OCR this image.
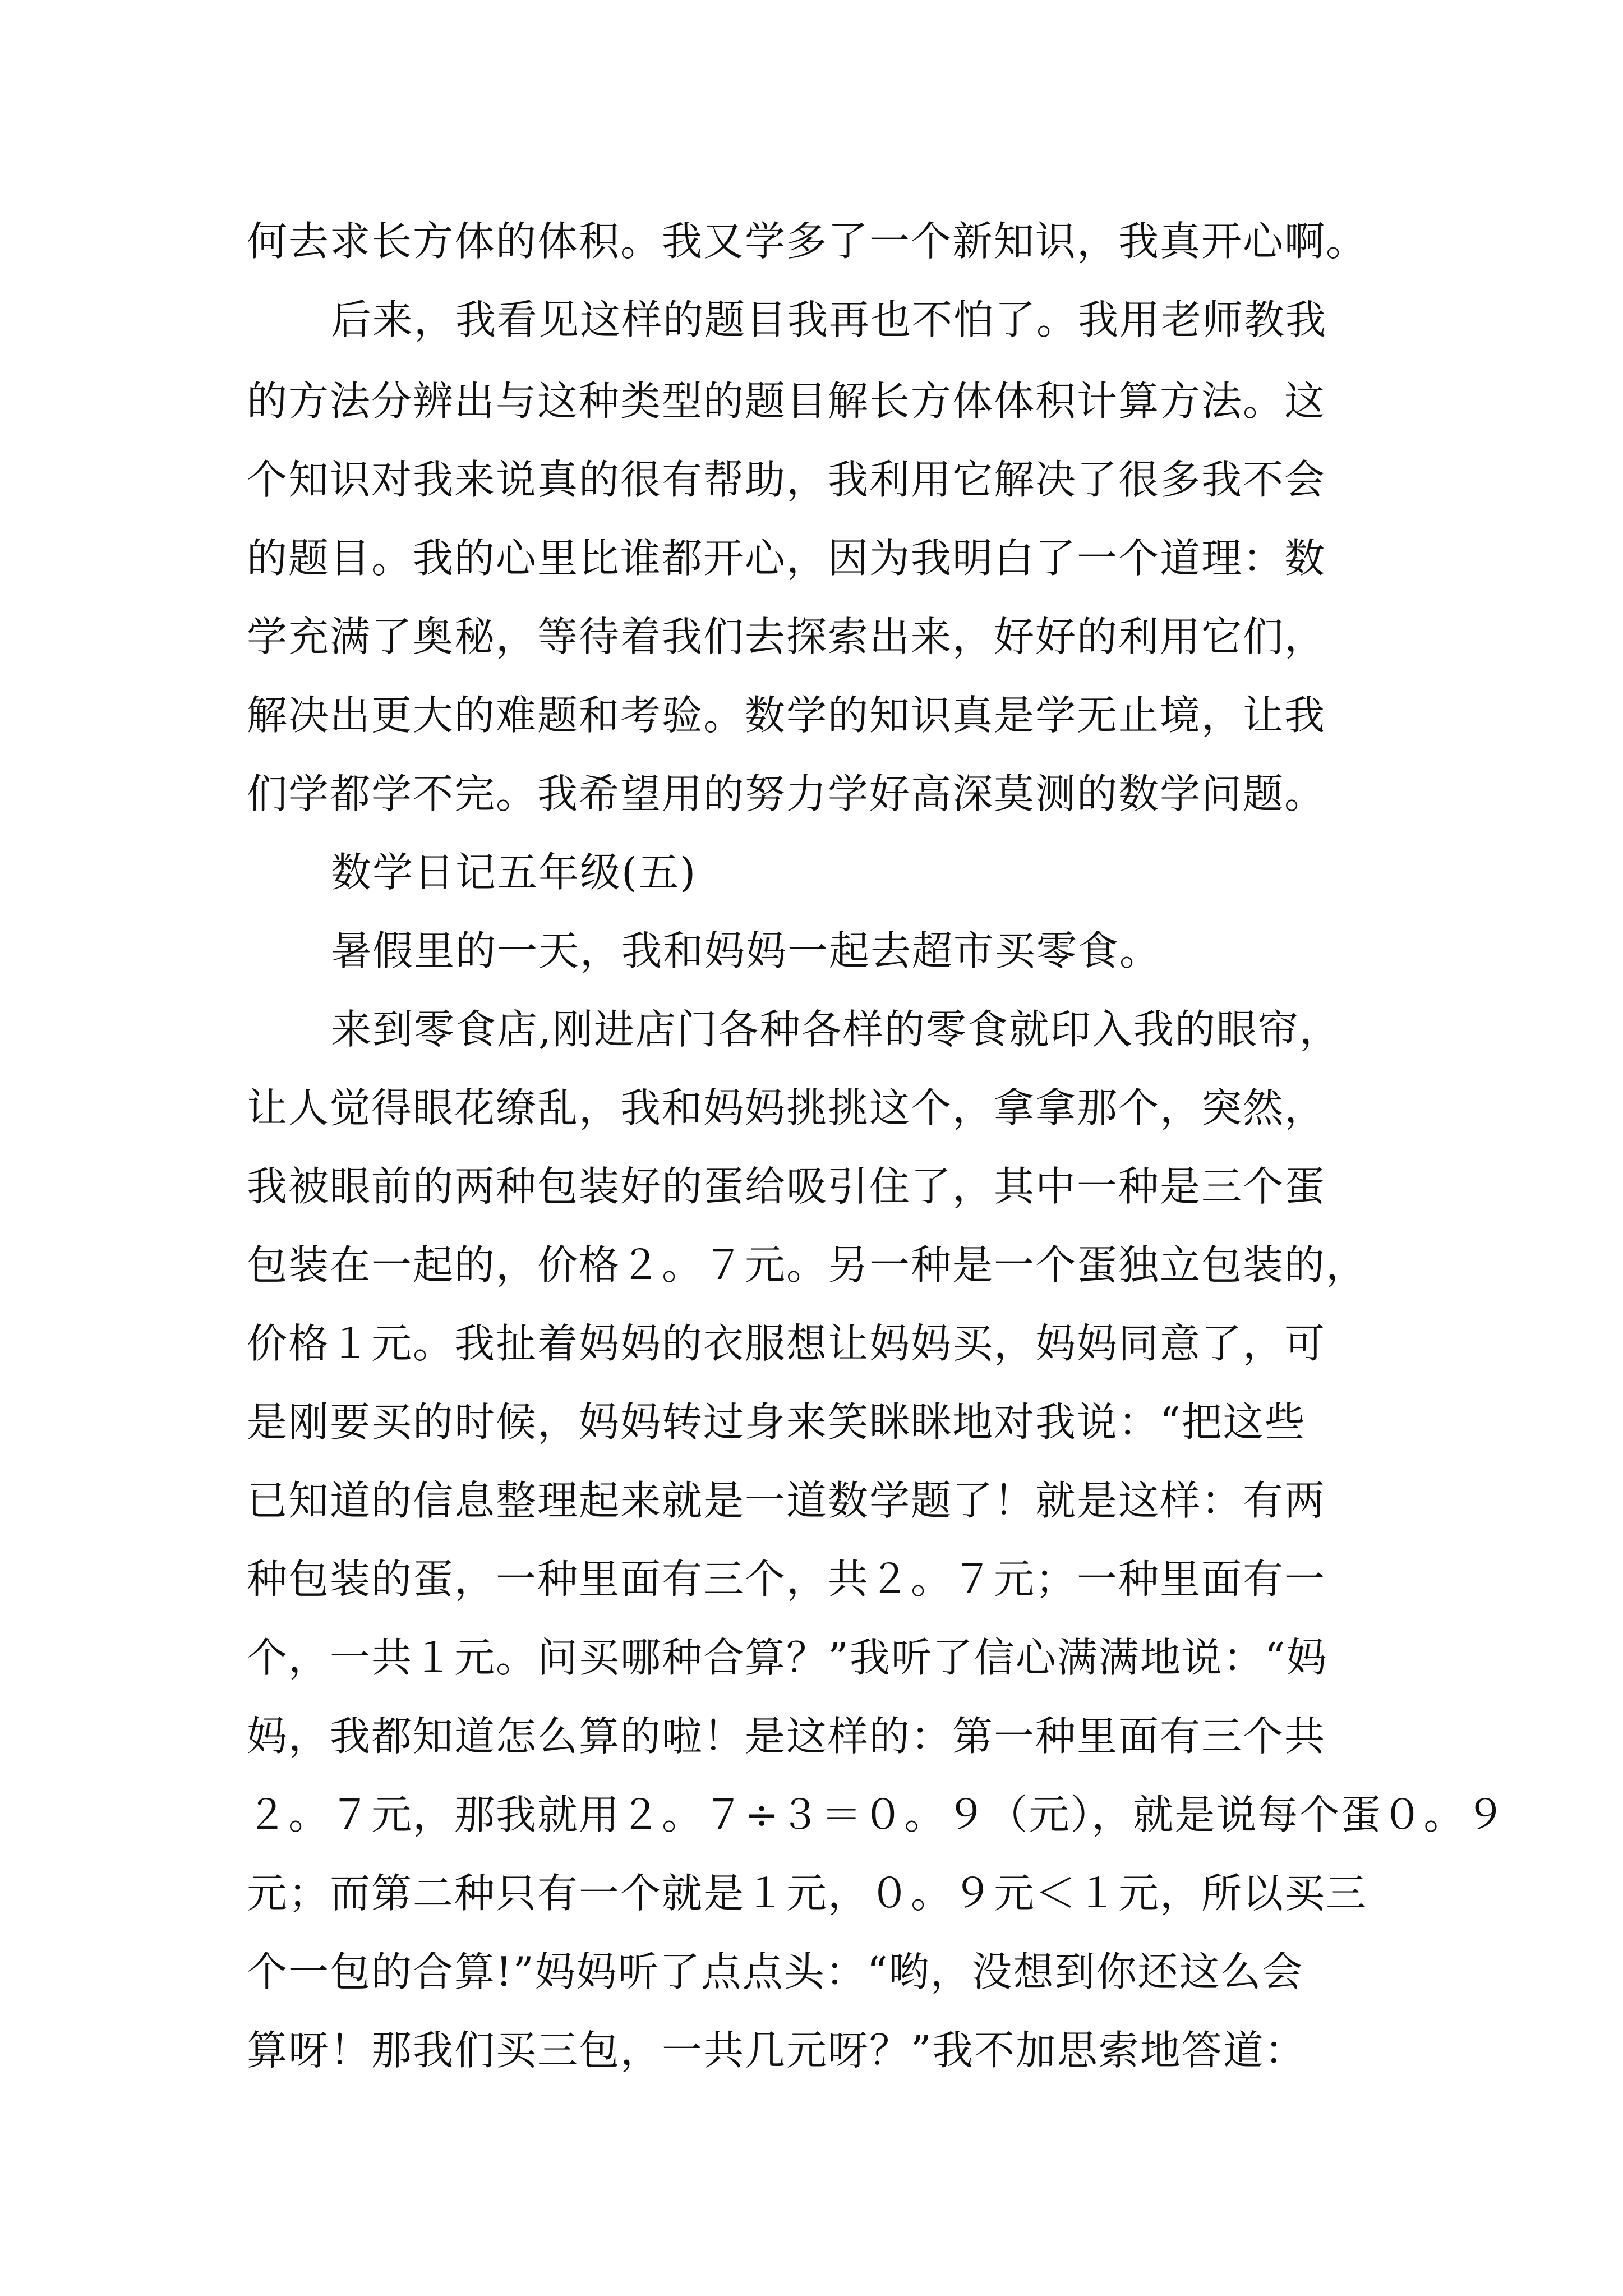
何去求长方体的体积。我又学多了一个新知识，我真开心啊。
后来，我看见这样的题目我再也不怕了。我用老师教我
的方法分辨出与这种类型的题目解长方体体积计算方法。这
个知识对我来说真的很有帮助，我利用它解决了很多我不会
的题目。我的心里比谁都开心，因为我明白了一个道理：数
学充满了奥秘，等待着我们去探索出来，好好的利用它们，
解决出更大的难题和考验。数学的知识真是学无止境，让我
们学都学不完。我希望用的努力学好高深莫测的数学问题。
数学日记五年级(五)
暑假里的一天，我和妈妈一起去超市买零食。
来到零食店,刚进店门各种各样的零食就印入我的眼帘，
让人觉得眼花缭乱，我和妈妈挑挑这个，拿拿那个，突然，
我被眼前的两种包装好的蛋给吸引住了，其中一种是三个蛋
包装在一起的，价格２。７元。另一种是一个蛋独立包装的，
价格１元。我扯着妈妈的衣服想让妈妈买，妈妈同意了，可
是刚要买的时候，妈妈转过身来笑眯眯地对我说：“把这些
已知道的信息整理起来就是一道数学题了！就是这样：有两
种包装的蛋，一种里面有三个，共２。７元；一种里面有一
个，一共１元。问买哪种合算？”我听了信心满满地说：“妈
妈，我都知道怎么算的啦！是这样的：第一种里面有三个共
２。７元，那我就用２。７÷３＝０。９（元），就是说每个蛋０。９
元；而第二种只有一个就是１元，０。９元＜１元，所以买三
个一包的合算!”妈妈听了点点头：“哟，没想到你还这么会
算呀！那我们买三包，一共几元呀？”我不加思索地答道：
